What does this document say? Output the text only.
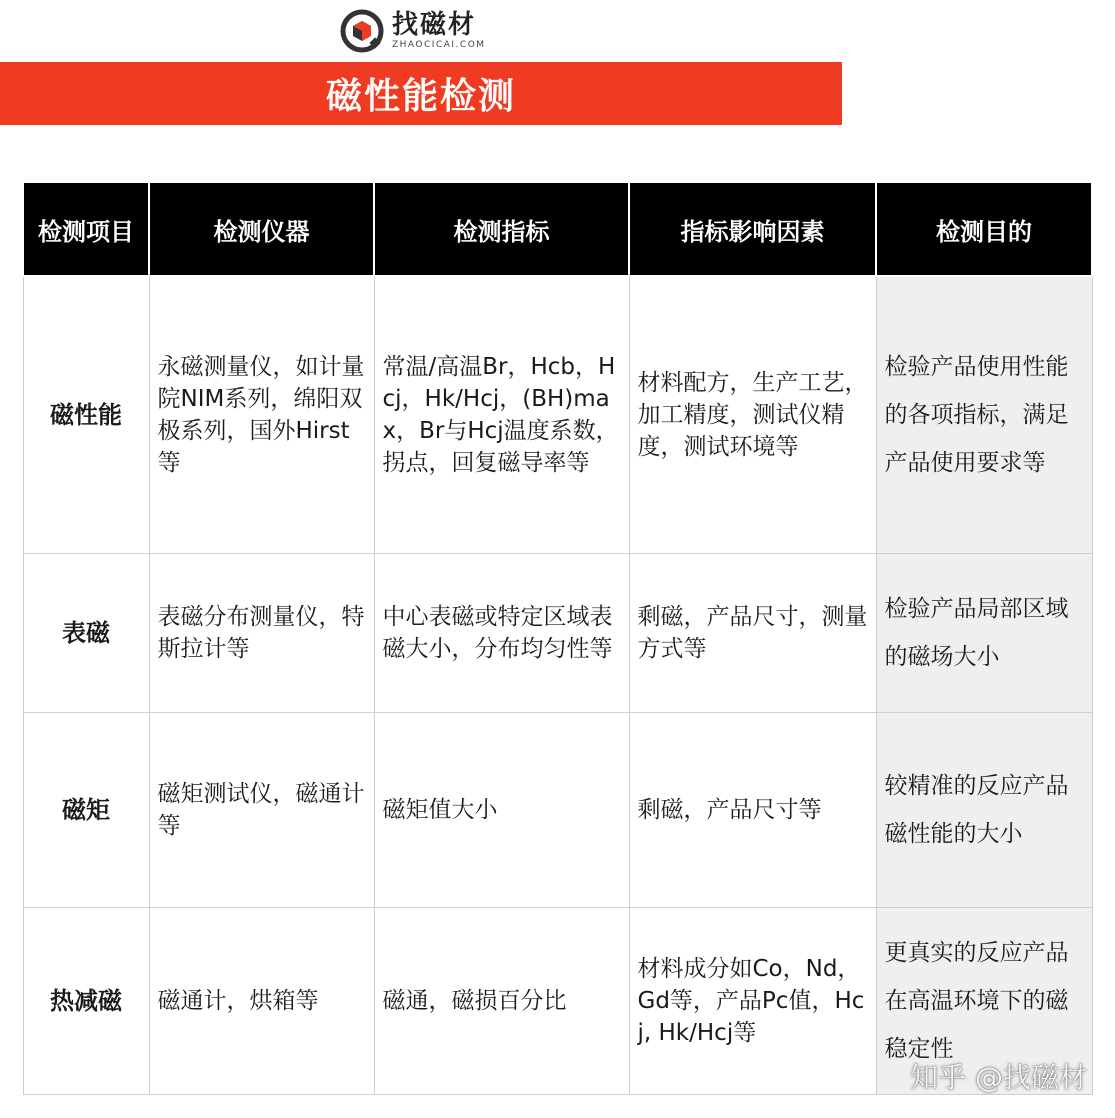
找磁材
ZHAOCICAI.COM
磁性能检测
检测项目	检测仪器	检测指标	指标影响因素	检测目的
磁性能	永磁测量仪，如计量院NIM系列，绵阳双极系列，国外Hirst等	常温/高温Br，Hcb，Hcj，Hk/Hcj，(BH)max，Br与Hcj温度系数，拐点，回复磁导率等	材料配方，生产工艺，加工精度，测试仪精度，测试环境等	检验产品使用性能的各项指标，满足产品使用要求等
表磁	表磁分布测量仪，特斯拉计等	中心表磁或特定区域表磁大小，分布均匀性等	剩磁，产品尺寸，测量方式等	检验产品局部区域的磁场大小
磁矩	磁矩测试仪，磁通计等	磁矩值大小	剩磁，产品尺寸等	较精准的反应产品磁性能的大小
热减磁	磁通计，烘箱等	磁通，磁损百分比	材料成分如Co，Nd，Gd等，产品Pc值，Hcj, Hk/Hcj等	更真实的反应产品在高温环境下的磁稳定性
知乎 @找磁材
